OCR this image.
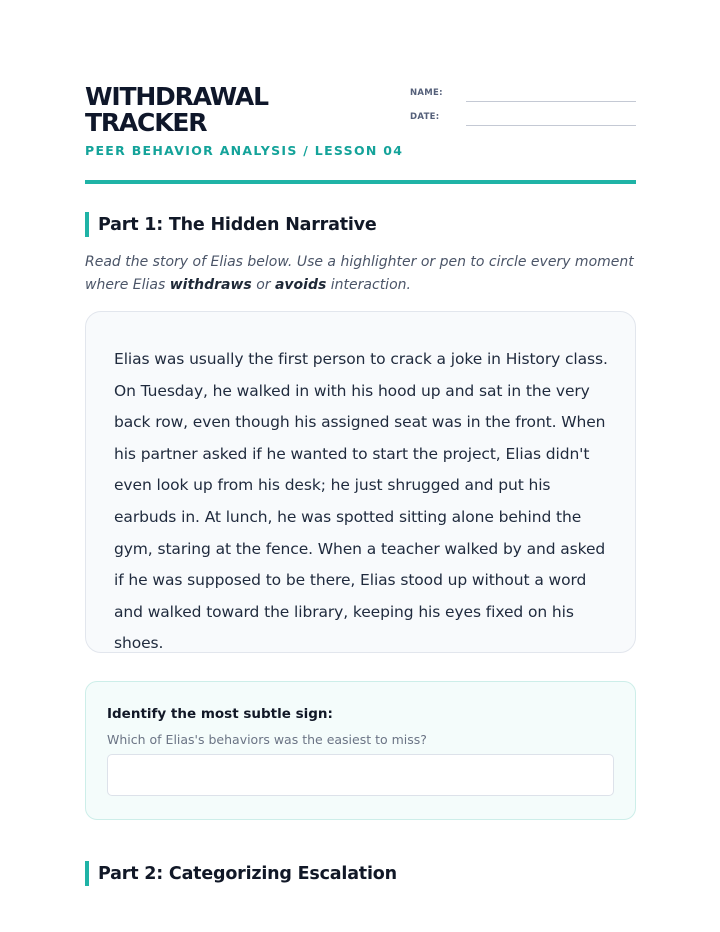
WITHDRAWAL TRACKER
PEER BEHAVIOR ANALYSIS / LESSON 04
NAME:
DATE:
Part 1: The Hidden Narrative
Read the story of Elias below. Use a highlighter or pen to circle every moment where Elias withdraws or avoids interaction.

Elias was usually the first person to crack a joke in History class. On Tuesday, he walked in with his hood up and sat in the very back row, even though his assigned seat was in the front. When his partner asked if he wanted to start the project, Elias didn't even look up from his desk; he just shrugged and put his earbuds in. At lunch, he was spotted sitting alone behind the gym, staring at the fence. When a teacher walked by and asked if he was supposed to be there, Elias stood up without a word and walked toward the library, keeping his eyes fixed on his shoes.

Identify the most subtle sign:
Which of Elias's behaviors was the easiest to miss?
Part 2: Categorizing Escalation
